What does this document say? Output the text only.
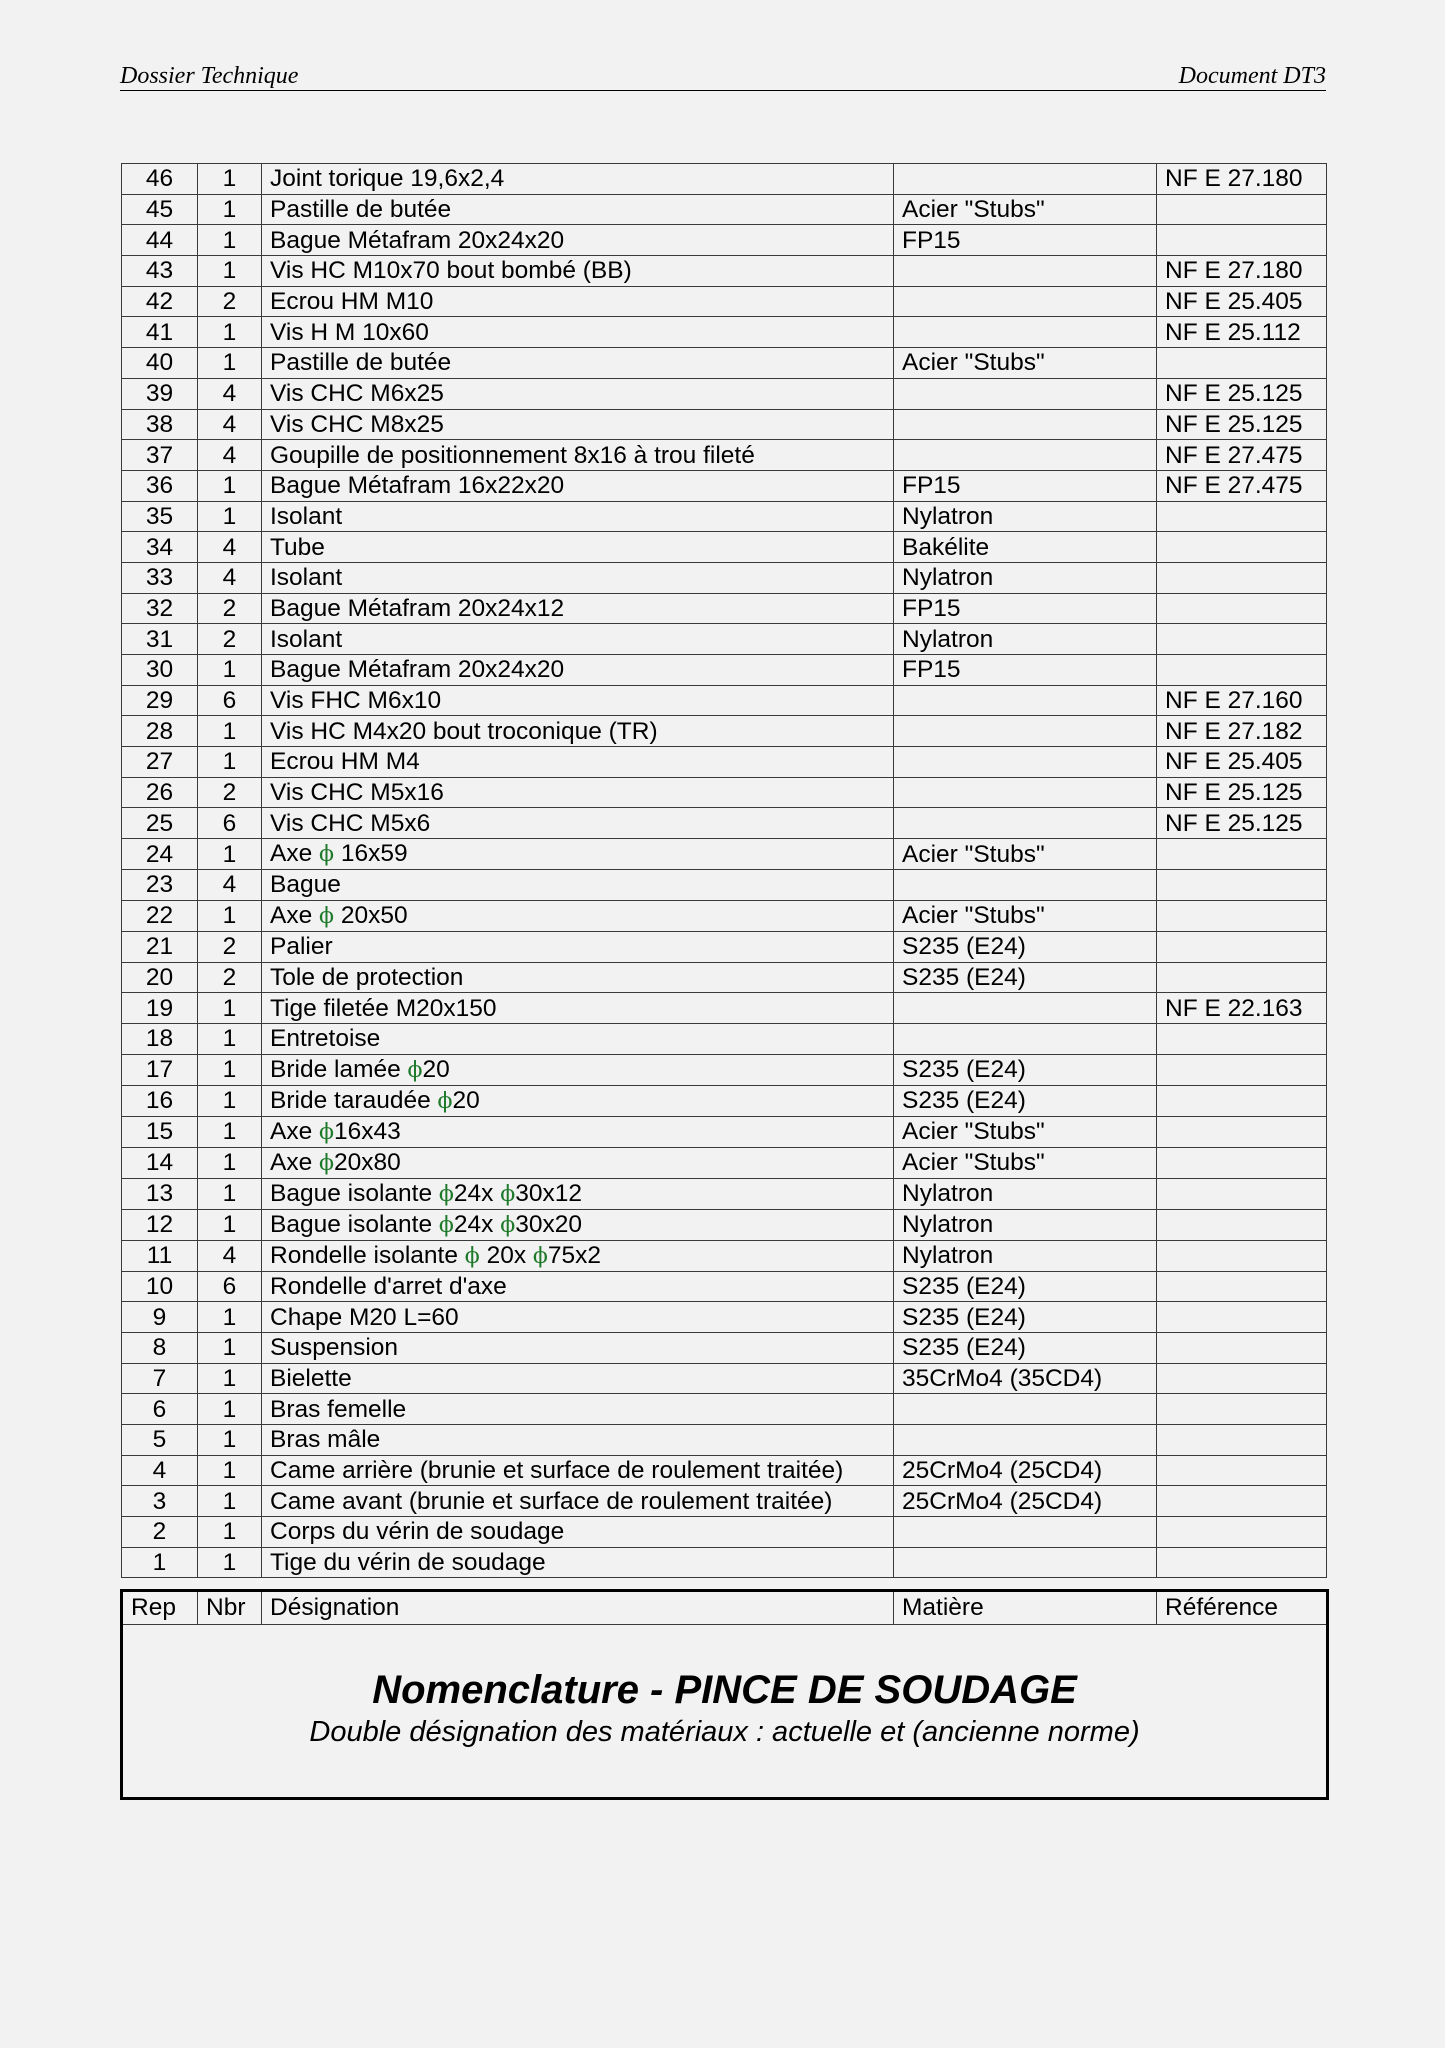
Dossier Technique	Document DT3
46	1	Joint torique 19,6x2,4		NF E 27.180
45	1	Pastille de butée	Acier "Stubs"	
44	1	Bague Métafram 20x24x20	FP15	
43	1	Vis HC M10x70 bout bombé (BB)		NF E 27.180
42	2	Ecrou HM M10		NF E 25.405
41	1	Vis H M 10x60		NF E 25.112
40	1	Pastille de butée	Acier "Stubs"	
39	4	Vis CHC M6x25		NF E 25.125
38	4	Vis CHC M8x25		NF E 25.125
37	4	Goupille de positionnement 8x16 à trou fileté		NF E 27.475
36	1	Bague Métafram 16x22x20	FP15	NF E 27.475
35	1	Isolant	Nylatron	
34	4	Tube	Bakélite	
33	4	Isolant	Nylatron	
32	2	Bague Métafram 20x24x12	FP15	
31	2	Isolant	Nylatron	
30	1	Bague Métafram 20x24x20	FP15	
29	6	Vis FHC M6x10		NF E 27.160
28	1	Vis HC M4x20 bout troconique (TR)		NF E 27.182
27	1	Ecrou HM M4		NF E 25.405
26	2	Vis CHC M5x16		NF E 25.125
25	6	Vis CHC M5x6		NF E 25.125
24	1	Axe ϕ 16x59	Acier "Stubs"	
23	4	Bague		
22	1	Axe ϕ 20x50	Acier "Stubs"	
21	2	Palier	S235 (E24)	
20	2	Tole de protection	S235 (E24)	
19	1	Tige filetée M20x150		NF E 22.163
18	1	Entretoise		
17	1	Bride lamée ϕ20	S235 (E24)	
16	1	Bride taraudée ϕ20	S235 (E24)	
15	1	Axe ϕ16x43	Acier "Stubs"	
14	1	Axe ϕ20x80	Acier "Stubs"	
13	1	Bague isolante ϕ24x ϕ30x12	Nylatron	
12	1	Bague isolante ϕ24x ϕ30x20	Nylatron	
11	4	Rondelle isolante ϕ 20x ϕ75x2	Nylatron	
10	6	Rondelle d'arret d'axe	S235 (E24)	
9	1	Chape M20 L=60	S235 (E24)	
8	1	Suspension	S235 (E24)	
7	1	Bielette	35CrMo4 (35CD4)	
6	1	Bras femelle		
5	1	Bras mâle		
4	1	Came arrière (brunie et surface de roulement traitée)	25CrMo4 (25CD4)	
3	1	Came avant (brunie et surface de roulement traitée)	25CrMo4 (25CD4)	
2	1	Corps du vérin de soudage		
1	1	Tige du vérin de soudage		
Rep	Nbr	Désignation	Matière	Référence
Nomenclature - PINCE DE SOUDAGE
Double désignation des matériaux : actuelle et (ancienne norme)
